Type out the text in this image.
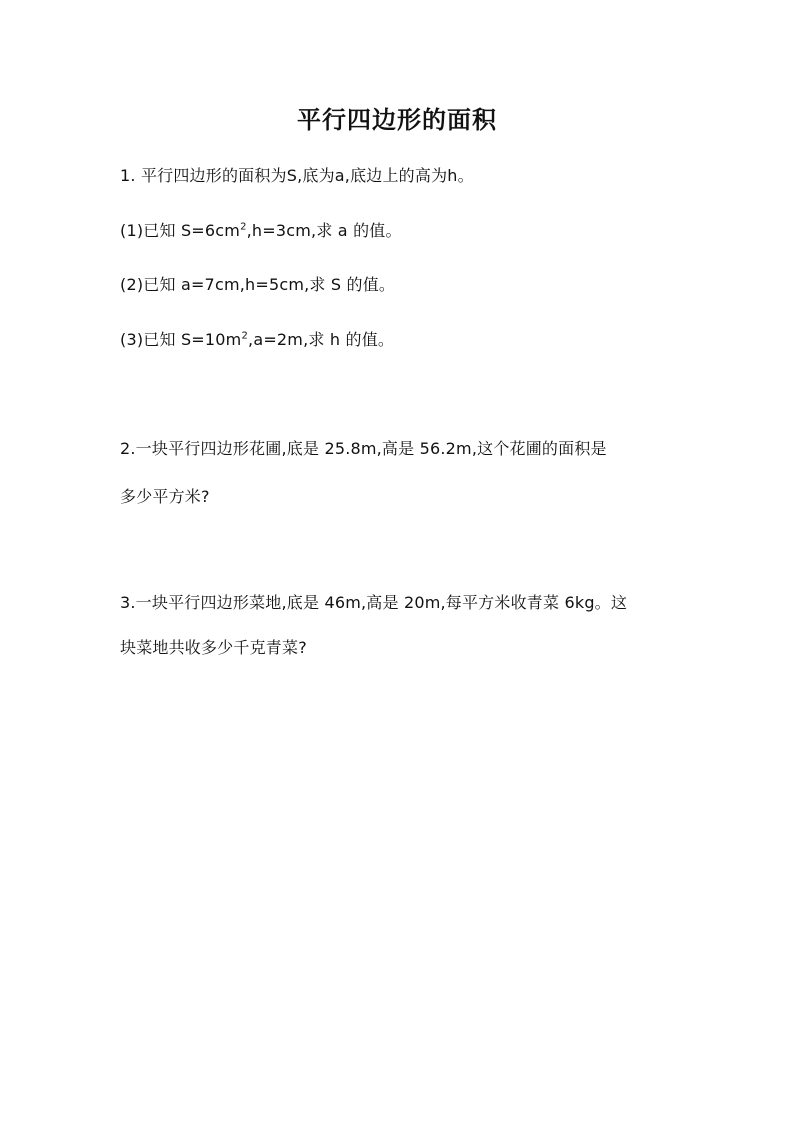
平行四边形的面积
1. 平行四边形的面积为S,底为a,底边上的高为h。
(1)已知 $S=6cm^2,h=3cm$,求 a 的值。
(2)已知 a=7cm,h=5cm,求 S 的值。
(3)已知 $S=10m^2,a=2m$,求 h 的值。
2.一块平行四边形花圃,底是 25.8m,高是 56.2m,这个花圃的面积是
多少平方米?
3.一块平行四边形菜地,底是 46m,高是 20m,每平方米收青菜 6kg。这
块菜地共收多少千克青菜?
